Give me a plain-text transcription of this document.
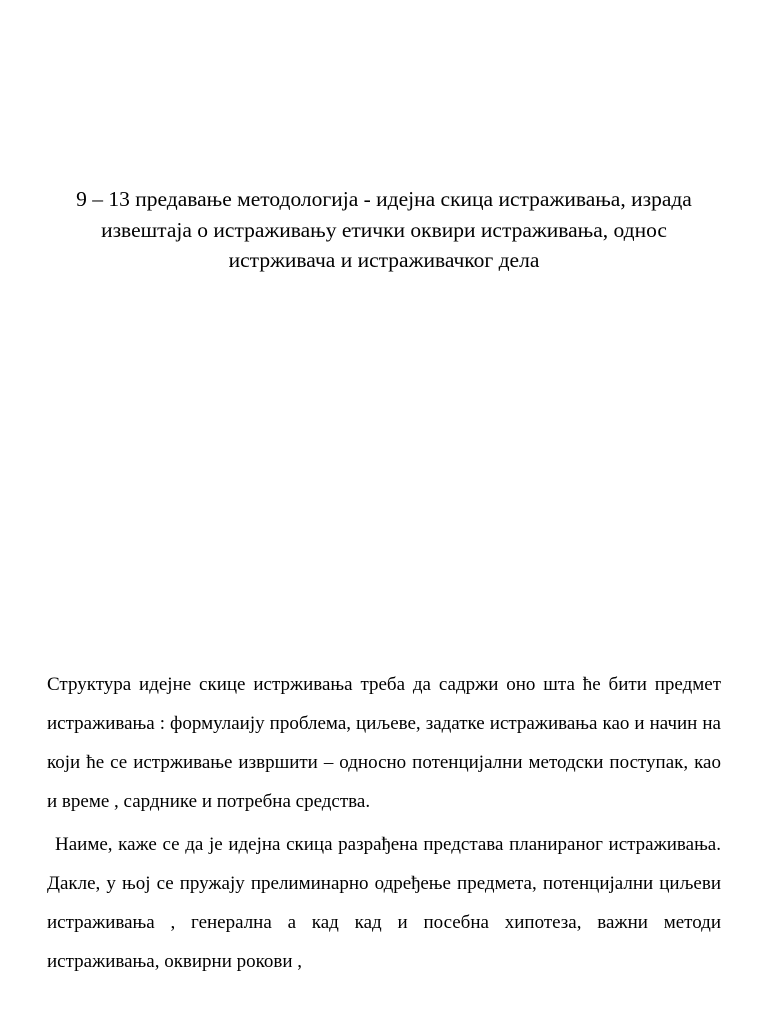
9 – 13 предавање методологија - идејна скица истраживања, израда извештаја о истраживању етички оквири истраживања, однос истрживача и истраживачког дела

Структура идејне скице истрживања треба да садржи оно шта ће бити предмет истраживања : формулаију проблема, циљеве, задатке истраживања као и начин на који ће се истрживање извршити – односно потенцијални методски поступак, као и време , сарднике и потребна средства.

Наиме, каже се да је идејна скица разрађена представа планираног истраживања. Дакле, у њој се пружају прелиминарно одређење предмета, потенцијални циљеви истраживања , генерална а кад кад и посебна хипотеза, важни методи истраживања, оквирни рокови ,
